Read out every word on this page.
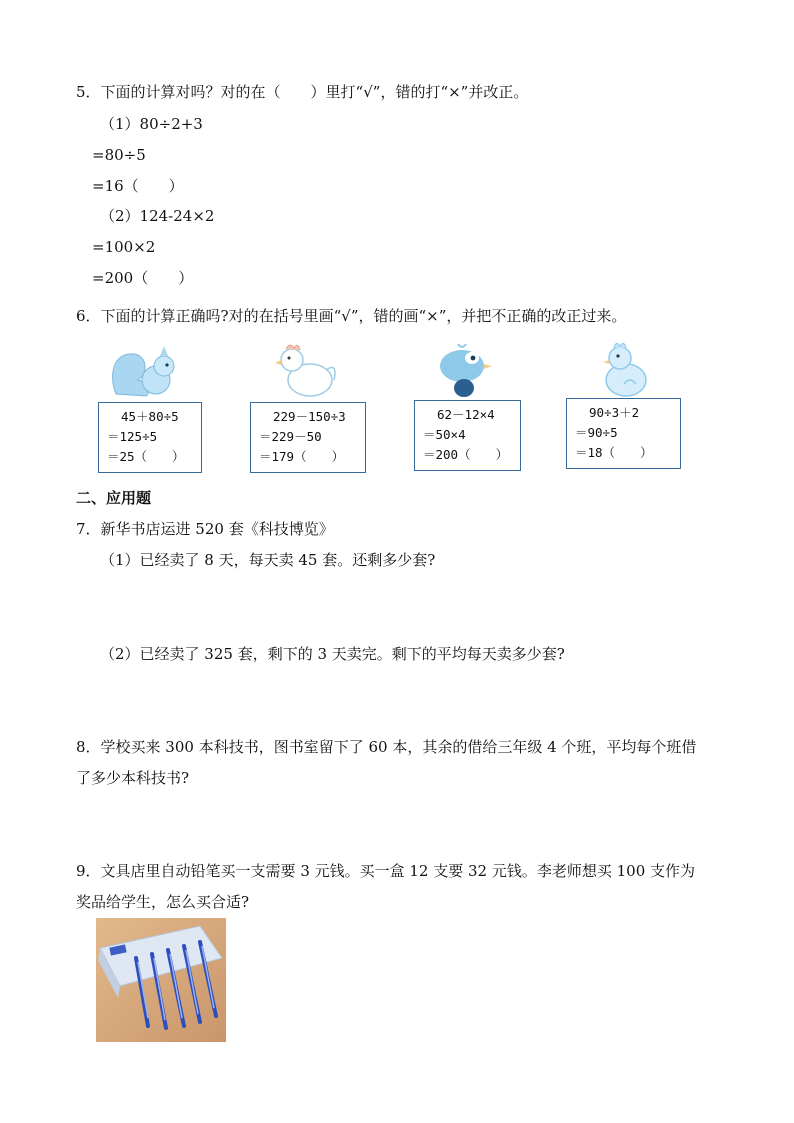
5．下面的计算对吗？对的在（　　）里打“√”，错的打“×”并改正。
（1）80÷2+3
=80÷5
=16（　　）
（2）124-24×2
=100×2
=200（　　）
6．下面的计算正确吗?对的在括号里画“√”，错的画“×”，并把不正确的改正过来。
45＋80÷5
＝125÷5
＝25（　　）
229－150÷3
＝229－50
＝179（　　）
62－12×4
＝50×4
＝200（　　）
90÷3＋2
＝90÷5
＝18（　　）
二、应用题
7．新华书店运进 520 套《科技博览》
（1）已经卖了 8 天，每天卖 45 套。还剩多少套?
（2）已经卖了 325 套，剩下的 3 天卖完。剩下的平均每天卖多少套?
8．学校买来 300 本科技书，图书室留下了 60 本，其余的借给三年级 4 个班，平均每个班借
了多少本科技书?
9．文具店里自动铅笔买一支需要 3 元钱。买一盒 12 支要 32 元钱。李老师想买 100 支作为
奖品给学生，怎么买合适?
